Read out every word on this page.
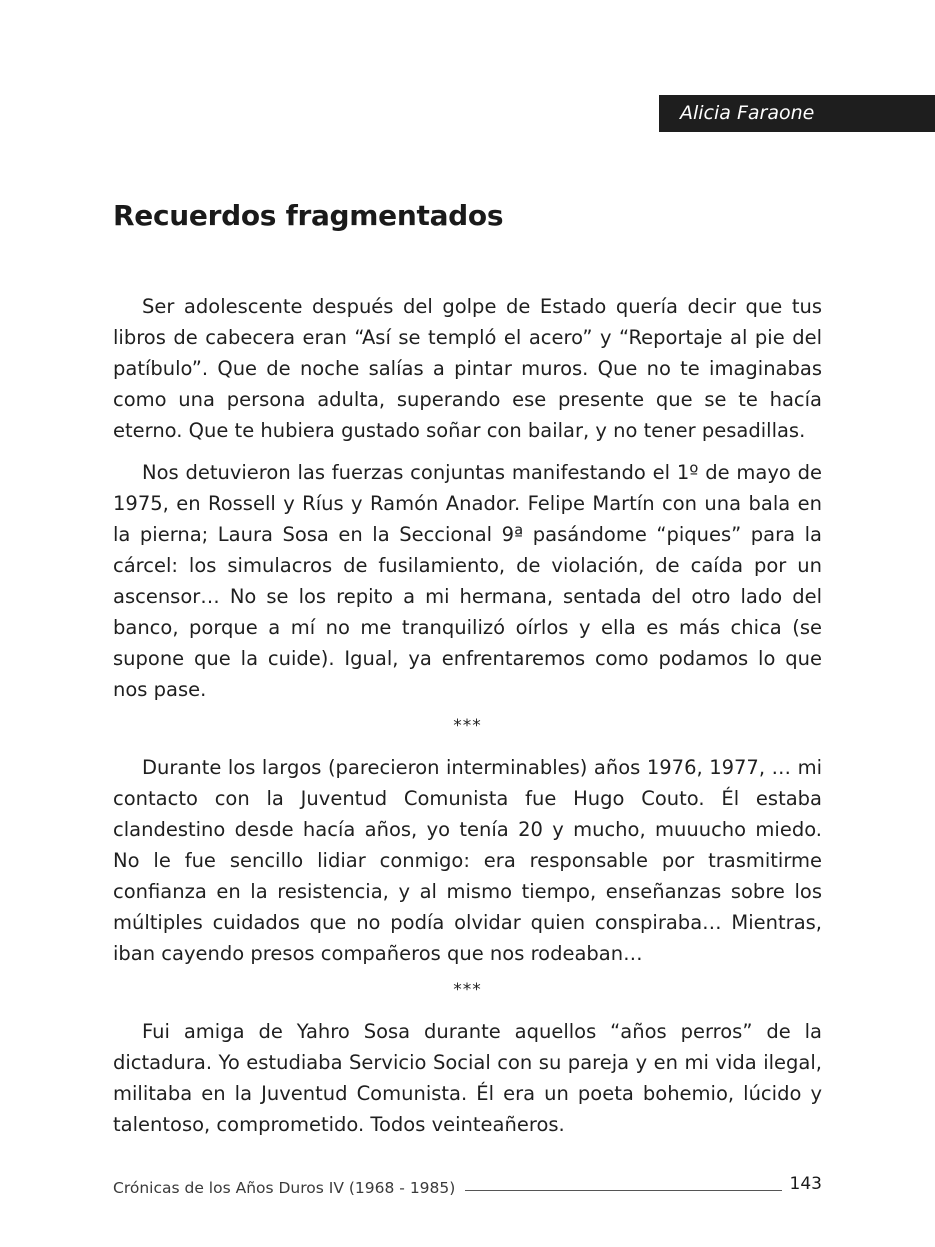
Alicia Faraone
Recuerdos fragmentados

Ser adolescente después del golpe de Estado quería decir que tus libros de cabecera eran “Así se templó el acero” y “Reportaje al pie del patíbulo”. Que de noche salías a pintar muros. Que no te imaginabas como una persona adulta, superando ese presente que se te hacía eterno. Que te hubiera gustado soñar con bailar, y no tener pesadillas.

Nos detuvieron las fuerzas conjuntas manifestando el 1º de mayo de 1975, en Rossell y Ríus y Ramón Anador. Felipe Martín con una bala en la pierna; Laura Sosa en la Seccional 9ª pasándome “piques” para la cárcel: los simulacros de fusilamiento, de violación, de caída por un ascensor… No se los repito a mi hermana, sentada del otro lado del banco, porque a mí no me tranquilizó oírlos y ella es más chica (se supone que la cuide). Igual, ya enfrentaremos como podamos lo que nos pase.

***

Durante los largos (parecieron interminables) años 1976, 1977, … mi contacto con la Juventud Comunista fue Hugo Couto. Él estaba clandestino desde hacía años, yo tenía 20 y mucho, muuucho miedo. No le fue sencillo lidiar conmigo: era responsable por trasmitirme confianza en la resistencia, y al mismo tiempo, enseñanzas sobre los múltiples cuidados que no podía olvidar quien conspiraba… Mientras, iban cayendo presos compañeros que nos rodeaban…

***

Fui amiga de Yahro Sosa durante aquellos “años perros” de la dictadura. Yo estudiaba Servicio Social con su pareja y en mi vida ilegal, militaba en la Juventud Comunista. Él era un poeta bohemio, lúcido y talentoso, comprometido. Todos veinteañeros.

Crónicas de los Años Duros IV (1968 - 1985)	143
